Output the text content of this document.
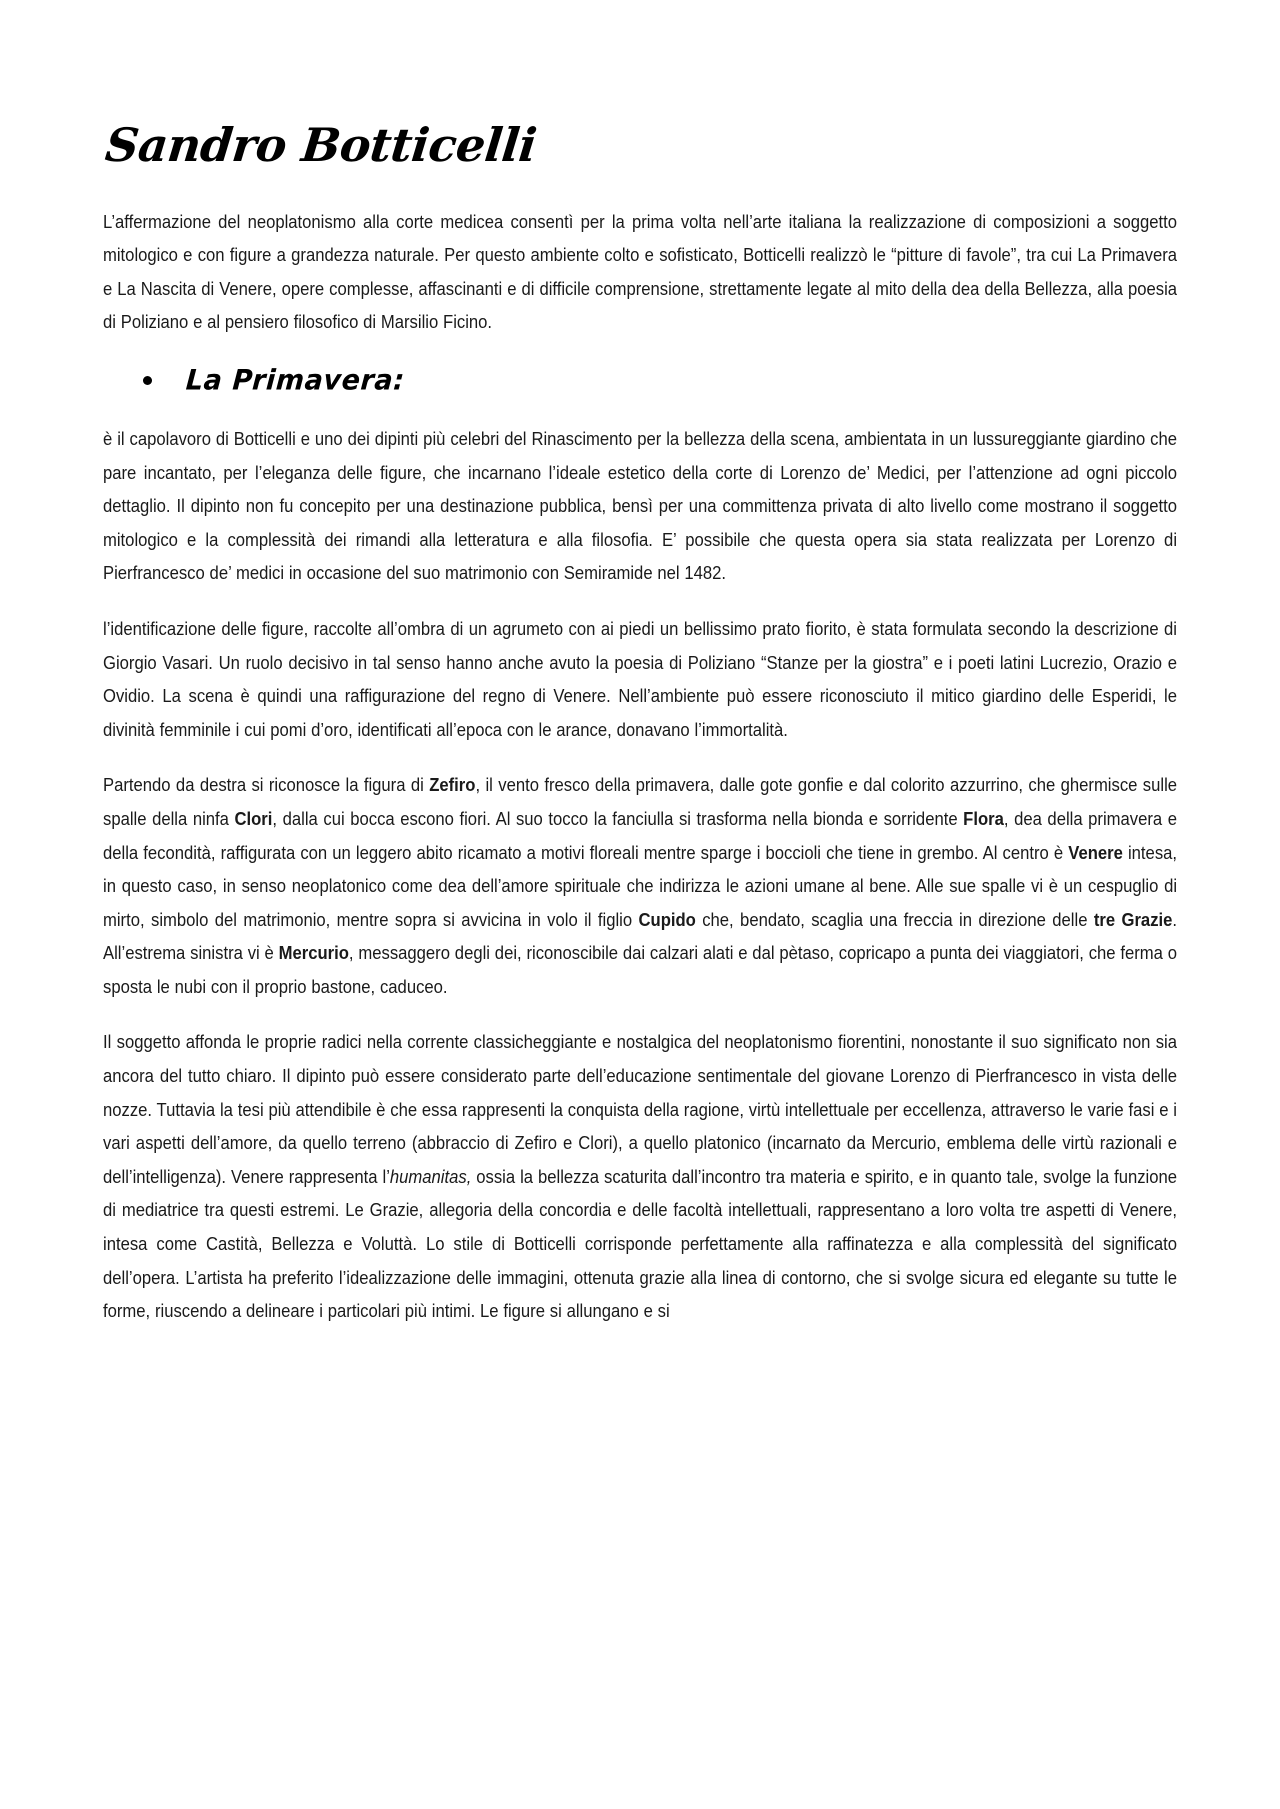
Sandro Botticelli

L’affermazione del neoplatonismo alla corte medicea consentì per la prima volta nell’arte italiana la realizzazione di composizioni a soggetto mitologico e con figure a grandezza naturale. Per questo ambiente colto e sofisticato, Botticelli realizzò le “pitture di favole”, tra cui La Primavera e La Nascita di Venere, opere complesse, affascinanti e di difficile comprensione, strettamente legate al mito della dea della Bellezza, alla poesia di Poliziano e al pensiero filosofico di Marsilio Ficino.

La Primavera:

è il capolavoro di Botticelli e uno dei dipinti più celebri del Rinascimento per la bellezza della scena, ambientata in un lussureggiante giardino che pare incantato, per l’eleganza delle figure, che incarnano l’ideale estetico della corte di Lorenzo de’ Medici, per l’attenzione ad ogni piccolo dettaglio. Il dipinto non fu concepito per una destinazione pubblica, bensì per una committenza privata di alto livello come mostrano il soggetto mitologico e la complessità dei rimandi alla letteratura e alla filosofia. E’ possibile che questa opera sia stata realizzata per Lorenzo di Pierfrancesco de’ medici in occasione del suo matrimonio con Semiramide nel 1482.

l’identificazione delle figure, raccolte all’ombra di un agrumeto con ai piedi un bellissimo prato fiorito, è stata formulata secondo la descrizione di Giorgio Vasari. Un ruolo decisivo in tal senso hanno anche avuto la poesia di Poliziano “Stanze per la giostra” e i poeti latini Lucrezio, Orazio e Ovidio. La scena è quindi una raffigurazione del regno di Venere. Nell’ambiente può essere riconosciuto il mitico giardino delle Esperidi, le divinità femminile i cui pomi d’oro, identificati all’epoca con le arance, donavano l’immortalità.

Partendo da destra si riconosce la figura di Zefiro, il vento fresco della primavera, dalle gote gonfie e dal colorito azzurrino, che ghermisce sulle spalle della ninfa Clori, dalla cui bocca escono fiori. Al suo tocco la fanciulla si trasforma nella bionda e sorridente Flora, dea della primavera e della fecondità, raffigurata con un leggero abito ricamato a motivi floreali mentre sparge i boccioli che tiene in grembo. Al centro è Venere intesa, in questo caso, in senso neoplatonico come dea dell’amore spirituale che indirizza le azioni umane al bene. Alle sue spalle vi è un cespuglio di mirto, simbolo del matrimonio, mentre sopra si avvicina in volo il figlio Cupido che, bendato, scaglia una freccia in direzione delle tre Grazie. All’estrema sinistra vi è Mercurio, messaggero degli dei, riconoscibile dai calzari alati e dal pètaso, copricapo a punta dei viaggiatori, che ferma o sposta le nubi con il proprio bastone, caduceo.

Il soggetto affonda le proprie radici nella corrente classicheggiante e nostalgica del neoplatonismo fiorentini, nonostante il suo significato non sia ancora del tutto chiaro. Il dipinto può essere considerato parte dell’educazione sentimentale del giovane Lorenzo di Pierfrancesco in vista delle nozze. Tuttavia la tesi più attendibile è che essa rappresenti la conquista della ragione, virtù intellettuale per eccellenza, attraverso le varie fasi e i vari aspetti dell’amore, da quello terreno (abbraccio di Zefiro e Clori), a quello platonico (incarnato da Mercurio, emblema delle virtù razionali e dell’intelligenza). Venere rappresenta l’humanitas, ossia la bellezza scaturita dall’incontro tra materia e spirito, e in quanto tale, svolge la funzione di mediatrice tra questi estremi. Le Grazie, allegoria della concordia e delle facoltà intellettuali, rappresentano a loro volta tre aspetti di Venere, intesa come Castità, Bellezza e Voluttà. Lo stile di Botticelli corrisponde perfettamente alla raffinatezza e alla complessità del significato dell’opera. L’artista ha preferito l’idealizzazione delle immagini, ottenuta grazie alla linea di contorno, che si svolge sicura ed elegante su tutte le forme, riuscendo a delineare i particolari più intimi. Le figure si allungano e si
